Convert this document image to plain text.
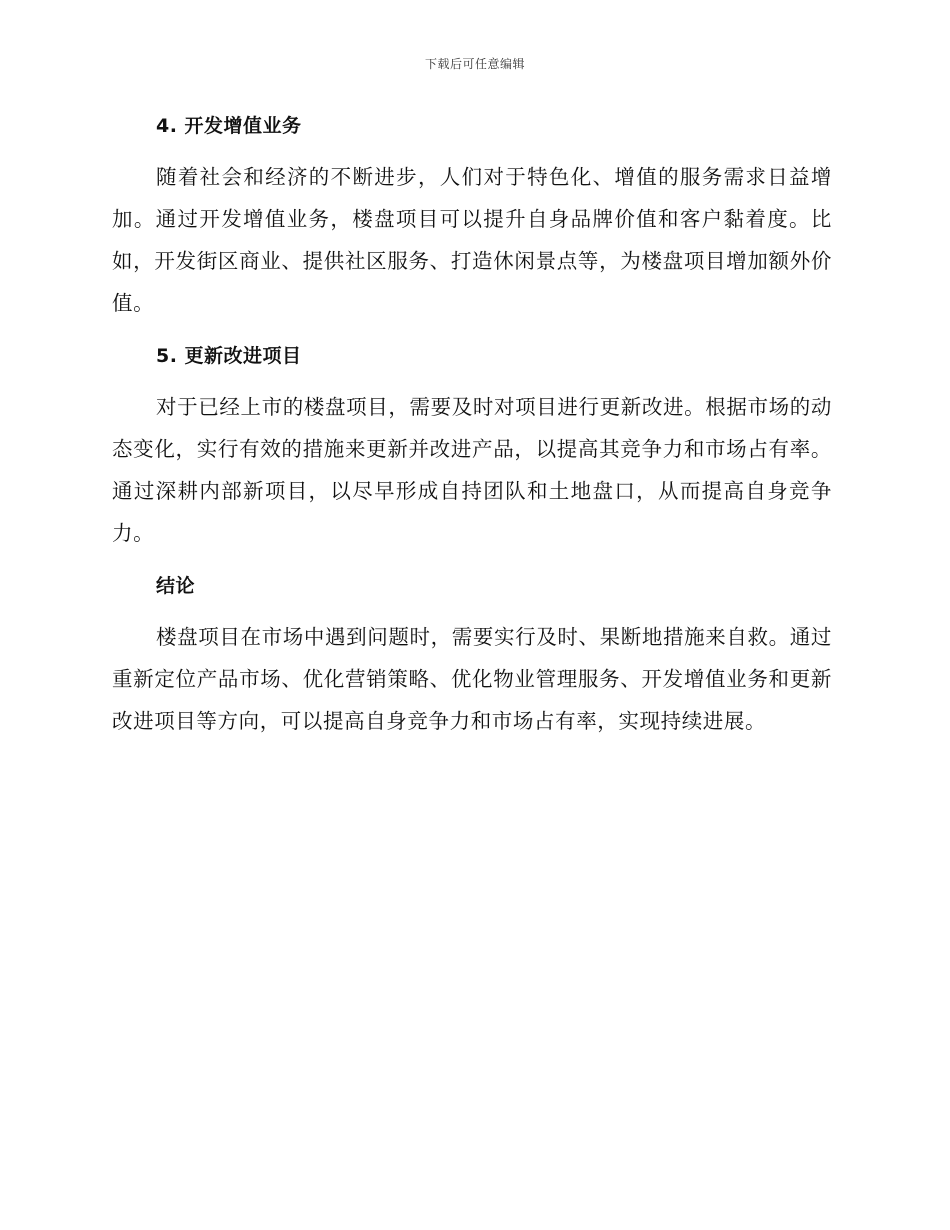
下载后可任意编辑
4. 开发增值业务

随着社会和经济的不断进步，人们对于特色化、增值的服务需求日益增加。通过开发增值业务，楼盘项目可以提升自身品牌价值和客户黏着度。比如，开发街区商业、提供社区服务、打造休闲景点等，为楼盘项目增加额外价值。

5. 更新改进项目

对于已经上市的楼盘项目，需要及时对项目进行更新改进。根据市场的动态变化，实行有效的措施来更新并改进产品，以提高其竞争力和市场占有率。通过深耕内部新项目，以尽早形成自持团队和土地盘口，从而提高自身竞争力。

结论

楼盘项目在市场中遇到问题时，需要实行及时、果断地措施来自救。通过重新定位产品市场、优化营销策略、优化物业管理服务、开发增值业务和更新改进项目等方向，可以提高自身竞争力和市场占有率，实现持续进展。
